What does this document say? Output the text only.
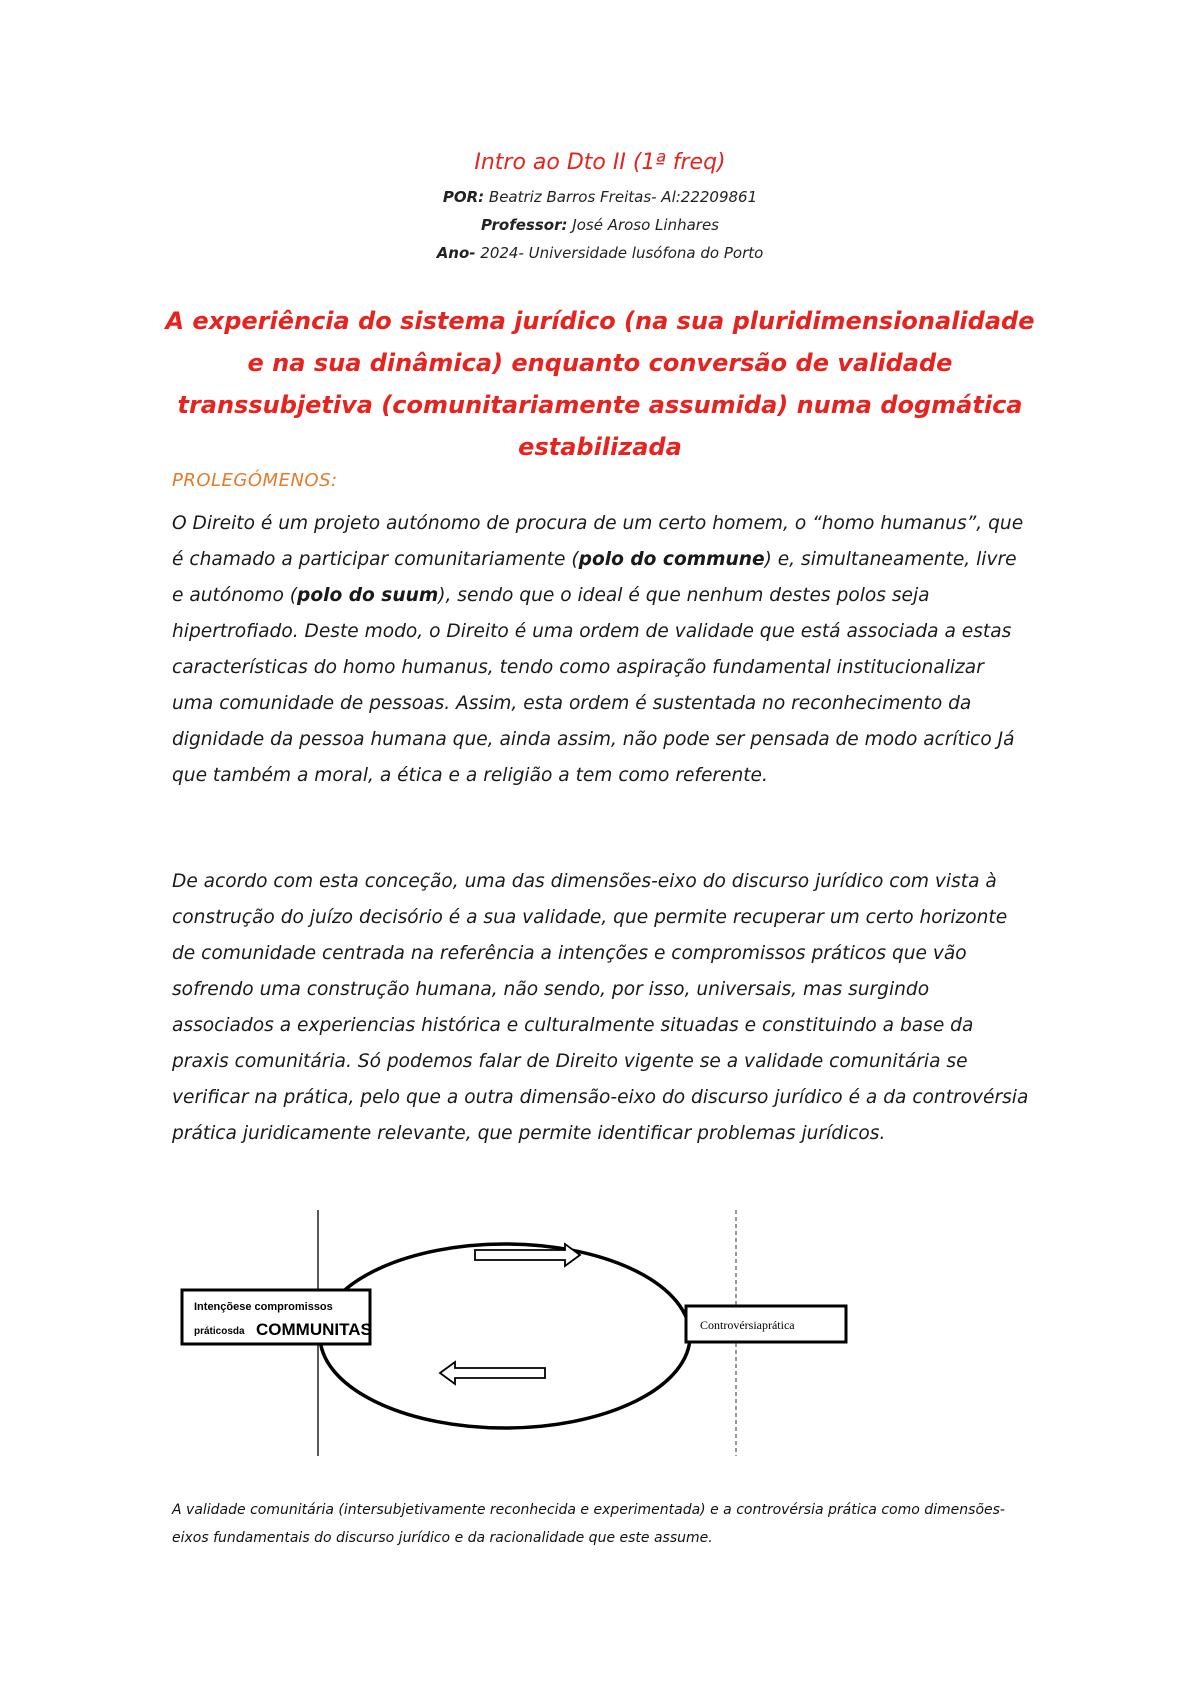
Intro ao Dto II (1ª freq)
POR: Beatriz Barros Freitas- Al:22209861
Professor: José Aroso Linhares
Ano- 2024- Universidade lusófona do Porto
A experiência do sistema jurídico (na sua pluridimensionalidade e na sua dinâmica) enquanto conversão de validade transsubjetiva (comunitariamente assumida) numa dogmática estabilizada
PROLEGÓMENOS:
O Direito é um projeto autónomo de procura de um certo homem, o “homo humanus”, que é chamado a participar comunitariamente (polo do commune) e, simultaneamente, livre e autónomo (polo do suum), sendo que o ideal é que nenhum destes polos seja hipertrofiado. Deste modo, o Direito é uma ordem de validade que está associada a estas características do homo humanus, tendo como aspiração fundamental institucionalizar uma comunidade de pessoas. Assim, esta ordem é sustentada no reconhecimento da dignidade da pessoa humana que, ainda assim, não pode ser pensada de modo acrítico Já que também a moral, a ética e a religião a tem como referente.
De acordo com esta conceção, uma das dimensões-eixo do discurso jurídico com vista à construção do juízo decisório é a sua validade, que permite recuperar um certo horizonte de comunidade centrada na referência a intenções e compromissos práticos que vão sofrendo uma construção humana, não sendo, por isso, universais, mas surgindo associados a experiencias histórica e culturalmente situadas e constituindo a base da praxis comunitária. Só podemos falar de Direito vigente se a validade comunitária se verificar na prática, pelo que a outra dimensão-eixo do discurso jurídico é a da controvérsia prática juridicamente relevante, que permite identificar problemas jurídicos.
Intençõese compromissos
práticosda COMMUNITAS	Controvérsiaprática
A validade comunitária (intersubjetivamente reconhecida e experimentada) e a controvérsia prática como dimensões-eixos fundamentais do discurso jurídico e da racionalidade que este assume.
